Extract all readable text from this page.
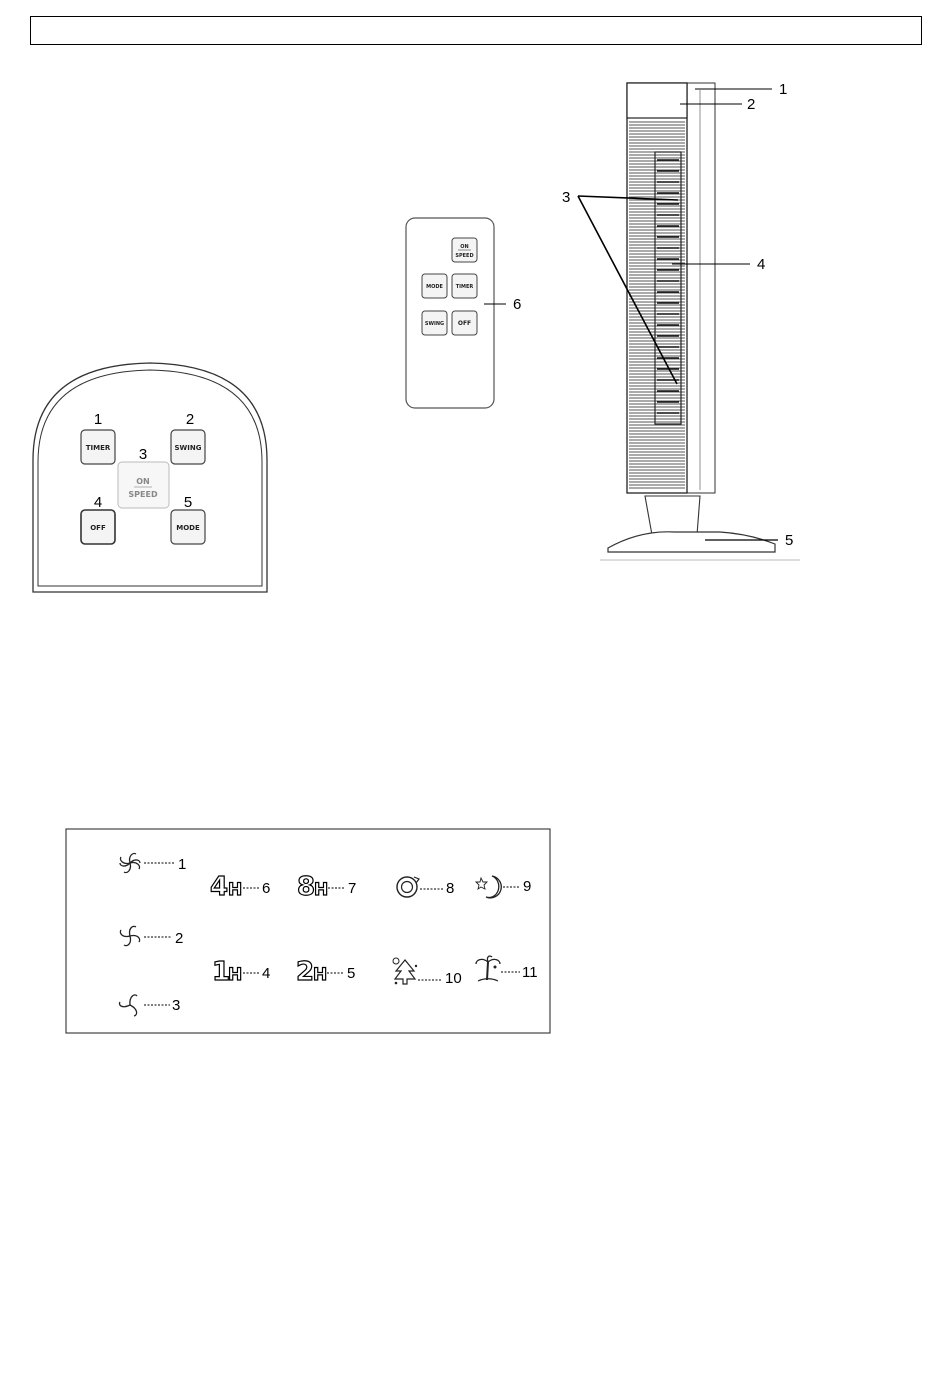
TIMER	SWING
ON
SPEED
OFF	MODE
1	2
3
4	5
ON
SPEED
MODE	TIMER
SWING OFF
6
1
2
3
4
5
1
2
3
4 H 6 8
H 7
1
H 4 2
H 5
8	9
10	11
